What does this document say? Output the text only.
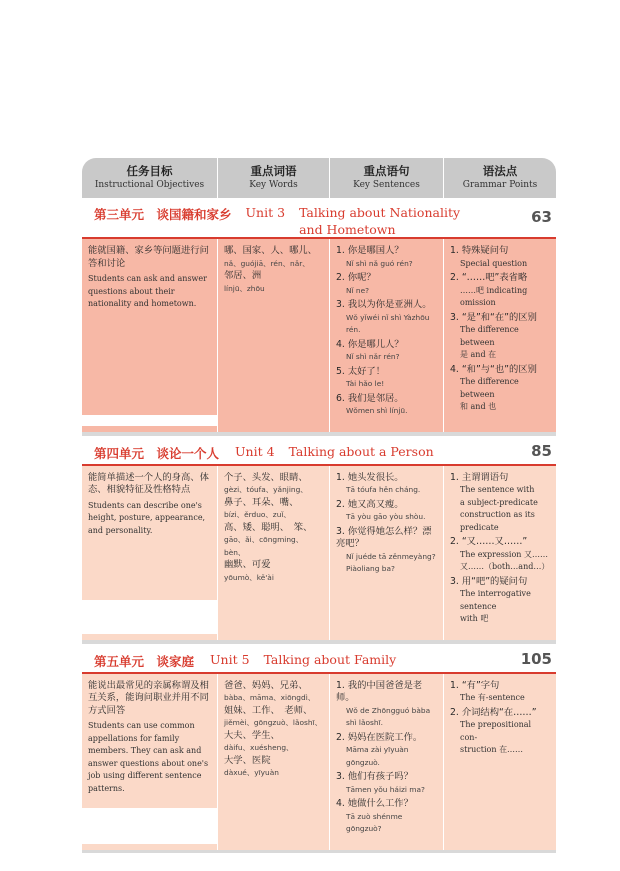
任务目标
Instructional Objectives
重点词语
Key Words
重点语句
Key Sentences
语法点
Grammar Points
第三单元　谈国籍和家乡 Unit 3 Talking about Nationality and Hometown
63
能就国籍、家乡等问题进行问答和讨论
Students can ask and answer questions about their nationality and hometown.
哪、国家、人、哪儿、
nǎ、guójiā、rén、nǎr、
邻居、洲
línjū、zhōu
1. 你是哪国人？
Nǐ shì nǎ guó rén?
2. 你呢？
Nǐ ne?
3. 我以为你是亚洲人。
Wǒ yǐwéi nǐ shì Yàzhōu rén.
4. 你是哪儿人？
Nǐ shì nǎr rén?
5. 太好了！
Tài hǎo le!
6. 我们是邻居。
Wǒmen shì línjū.
1. 特殊疑问句
Special question
2. “……吧”表省略
……吧 indicating
omission
3. “是”和“在”的区别
The difference between
是 and 在
4. “和”与“也”的区别
The difference between
和 and 也
第四单元　谈论一个人 Unit 4 Talking about a Person	85
能简单描述一个人的身高、体态、相貌特征及性格特点
Students can describe one's height, posture, appearance, and personality.
个子、头发、眼睛、
gèzi、tóufa、yǎnjing、
鼻子、耳朵、嘴、
bízi、ěrduo、zuǐ、
高、矮、聪明、　笨、
gāo、ǎi、cōngming、bèn、
幽默、可爱
yōumò、kě'ài
1. 她头发很长。
Tā tóufa hěn cháng.
2. 她又高又瘦。
Tā yòu gāo yòu shòu.
3. 你觉得她怎么样？漂亮吧？
Nǐ juéde tā zěnmeyàng? Piàoliang ba?
1. 主谓谓语句
The sentence with
a subject-predicate
construction as its
predicate
2. “又……又……”
The expression 又……
又……（both…and…）
3. 用“吧”的疑问句
The interrogative sentence
with 吧
第五单元　谈家庭 Unit 5 Talking about Family	105
能说出最常见的亲属称谓及相互关系，能询问职业并用不同方式回答
Students can use common appellations for family members. They can ask and answer questions about one's job using different sentence patterns.
爸爸、妈妈、兄弟、
bàba、māma、xiōngdì、
姐妹、工作、　老师、
jiěmèi、gōngzuò、lǎoshī、
大夫、学生、
dàifu、xuésheng、
大学、医院
dàxué、yīyuàn
1. 我的中国爸爸是老师。
Wǒ de Zhōngguó bàba shì lǎoshī.
2. 妈妈在医院工作。
Māma zài yīyuàn gōngzuò.
3. 他们有孩子吗？
Tāmen yǒu háizi ma?
4. 她做什么工作？
Tā zuò shénme gōngzuò?
1. “有”字句
The 有-sentence
2. 介词结构“在……”
The prepositional con-
struction 在……
